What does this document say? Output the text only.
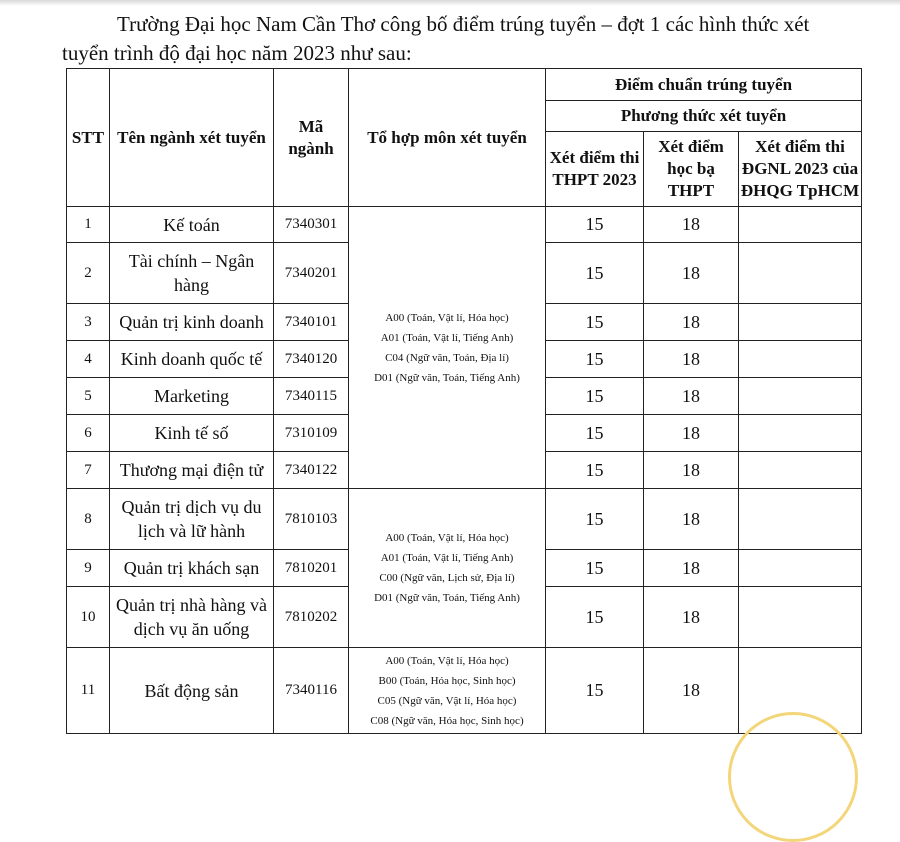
Trường Đại học Nam Cần Thơ công bố điểm trúng tuyển – đợt 1 các hình thức xét
tuyển trình độ đại học năm 2023 như sau:
STT	Tên ngành xét tuyển	Mã ngành	Tổ hợp môn xét tuyển	Điểm chuẩn trúng tuyển		
				Phương thức xét tuyển		
				Xét điểm thi THPT 2023	Xét điểm học bạ THPT	Xét điểm thi ĐGNL 2023 của ĐHQG TpHCM
1	Kế toán	7340301	A00 (Toán, Vật lí, Hóa học)
A01 (Toán, Vật lí, Tiếng Anh)
C04 (Ngữ văn, Toán, Địa lí)
D01 (Ngữ văn, Toán, Tiếng Anh)	15	18	
2	Tài chính – Ngân hàng	7340201		15	18	
3	Quản trị kinh doanh	7340101		15	18	
4	Kinh doanh quốc tế	7340120		15	18	
5	Marketing	7340115		15	18	
6	Kinh tế số	7310109		15	18	
7	Thương mại điện tử	7340122		15	18	
8	Quản trị dịch vụ du lịch và lữ hành	7810103	A00 (Toán, Vật lí, Hóa học)
A01 (Toán, Vật lí, Tiếng Anh)
C00 (Ngữ văn, Lịch sử, Địa lí)
D01 (Ngữ văn, Toán, Tiếng Anh)	15	18	
9	Quản trị khách sạn	7810201		15	18	
10	Quản trị nhà hàng và dịch vụ ăn uống	7810202		15	18	
11	Bất động sản	7340116	A00 (Toán, Vật lí, Hóa học)
B00 (Toán, Hóa học, Sinh học)
C05 (Ngữ văn, Vật lí, Hóa học)
C08 (Ngữ văn, Hóa học, Sinh học)	15	18	
